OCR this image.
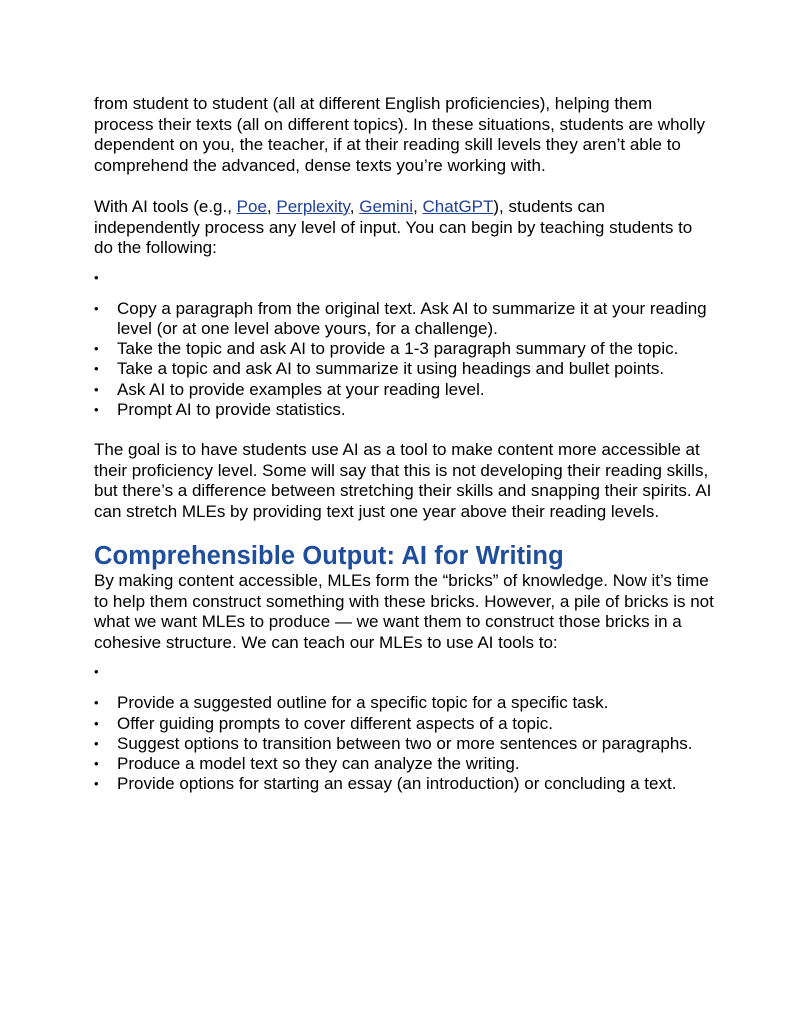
from student to student (all at different English proficiencies), helping them process their texts (all on different topics). In these situations, students are wholly dependent on you, the teacher, if at their reading skill levels they aren’t able to comprehend the advanced, dense texts you’re working with.

With AI tools (e.g., Poe, Perplexity, Gemini, ChatGPT), students can independently process any level of input. You can begin by teaching students to do the following:

•
• Copy a paragraph from the original text. Ask AI to summarize it at your reading level (or at one level above yours, for a challenge).
• Take the topic and ask AI to provide a 1-3 paragraph summary of the topic.
• Take a topic and ask AI to summarize it using headings and bullet points.
• Ask AI to provide examples at your reading level.
• Prompt AI to provide statistics.

The goal is to have students use AI as a tool to make content more accessible at their proficiency level. Some will say that this is not developing their reading skills, but there’s a difference between stretching their skills and snapping their spirits. AI can stretch MLEs by providing text just one year above their reading levels.

Comprehensible Output: AI for Writing

By making content accessible, MLEs form the “bricks” of knowledge. Now it’s time to help them construct something with these bricks. However, a pile of bricks is not what we want MLEs to produce — we want them to construct those bricks in a cohesive structure. We can teach our MLEs to use AI tools to:

•
• Provide a suggested outline for a specific topic for a specific task.
• Offer guiding prompts to cover different aspects of a topic.
• Suggest options to transition between two or more sentences or paragraphs.
• Produce a model text so they can analyze the writing.
• Provide options for starting an essay (an introduction) or concluding a text.
